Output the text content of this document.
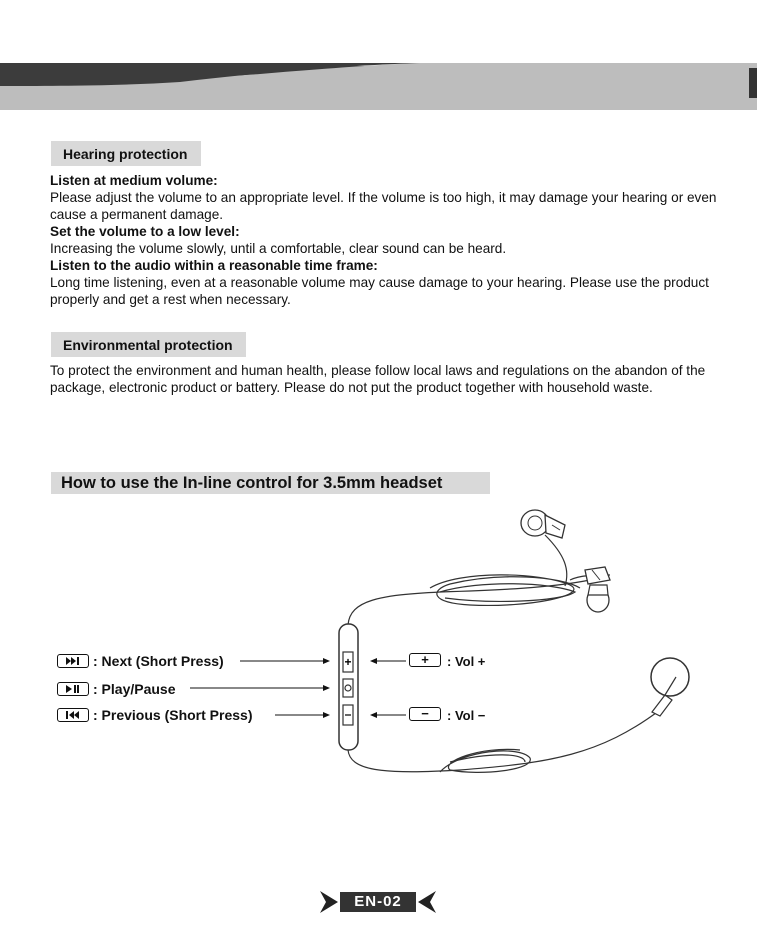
Hearing protection
Listen at medium volume:
Please adjust the volume to an appropriate level. If the volume is too high, it may damage your hearing or even cause a permanent damage.
Set the volume to a low level:
Increasing the volume slowly, until a comfortable, clear sound can be heard.
Listen to the audio within a reasonable time frame:
Long time listening, even at a reasonable volume may cause damage to your hearing. Please use the product properly and get a rest when necessary.
Environmental protection
To protect the environment and human health, please follow local laws and regulations on the abandon of the package, electronic product or battery. Please do not put the product together with household waste.
How to use the In-line control for 3.5mm headset
+
: Next (Short Press)
: Play/Pause
: Previous (Short Press)
+	: Vol +
−	: Vol −
EN-02
